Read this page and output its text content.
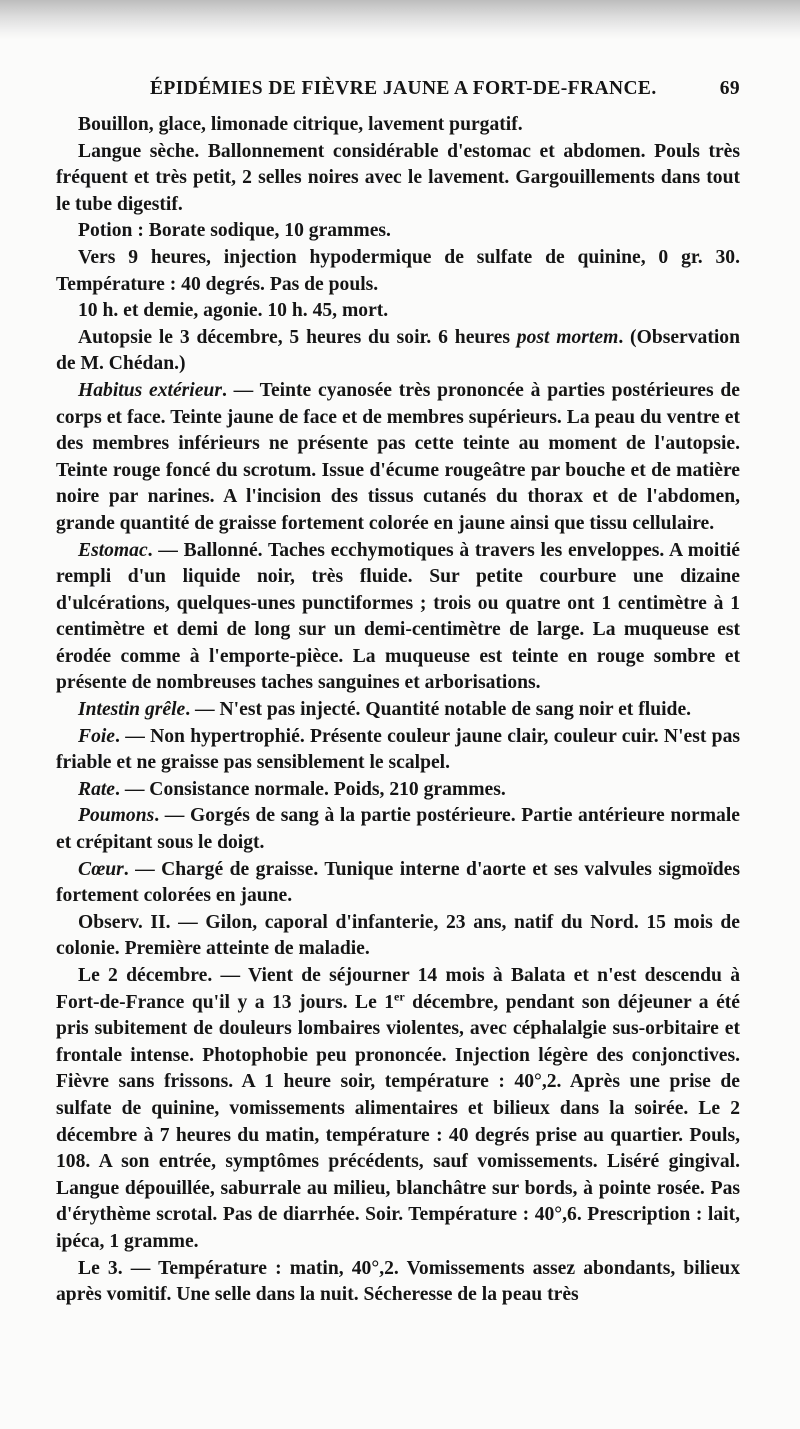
ÉPIDÉMIES DE FIÈVRE JAUNE A FORT-DE-FRANCE.	69

Bouillon, glace, limonade citrique, lavement purgatif.

Langue sèche. Ballonnement considérable d'estomac et abdomen. Pouls très fréquent et très petit, 2 selles noires avec le lavement. Gargouillements dans tout le tube digestif.

Potion : Borate sodique, 10 grammes.

Vers 9 heures, injection hypodermique de sulfate de quinine, 0 gr. 30. Température : 40 degrés. Pas de pouls.

10 h. et demie, agonie. 10 h. 45, mort.

Autopsie le 3 décembre, 5 heures du soir. 6 heures post mortem. (Observation de M. Chédan.)

Habitus extérieur. — Teinte cyanosée très prononcée à parties postérieures de corps et face. Teinte jaune de face et de membres supérieurs. La peau du ventre et des membres inférieurs ne présente pas cette teinte au moment de l'autopsie. Teinte rouge foncé du scrotum. Issue d'écume rougeâtre par bouche et de matière noire par narines. A l'incision des tissus cutanés du thorax et de l'abdomen, grande quantité de graisse fortement colorée en jaune ainsi que tissu cellulaire.

Estomac. — Ballonné. Taches ecchymotiques à travers les enveloppes. A moitié rempli d'un liquide noir, très fluide. Sur petite courbure une dizaine d'ulcérations, quelques-unes punctiformes ; trois ou quatre ont 1 centimètre à 1 centimètre et demi de long sur un demi-centimètre de large. La muqueuse est érodée comme à l'emporte-pièce. La muqueuse est teinte en rouge sombre et présente de nombreuses taches sanguines et arborisations.

Intestin grêle. — N'est pas injecté. Quantité notable de sang noir et fluide.

Foie. — Non hypertrophié. Présente couleur jaune clair, couleur cuir. N'est pas friable et ne graisse pas sensiblement le scalpel.

Rate. — Consistance normale. Poids, 210 grammes.

Poumons. — Gorgés de sang à la partie postérieure. Partie antérieure normale et crépitant sous le doigt.

Cœur. — Chargé de graisse. Tunique interne d'aorte et ses valvules sigmoïdes fortement colorées en jaune.

Observ. II. — Gilon, caporal d'infanterie, 23 ans, natif du Nord. 15 mois de colonie. Première atteinte de maladie.

Le 2 décembre. — Vient de séjourner 14 mois à Balata et n'est descendu à Fort-de-France qu'il y a 13 jours. Le 1er décembre, pendant son déjeuner a été pris subitement de douleurs lombaires violentes, avec céphalalgie sus-orbitaire et frontale intense. Photophobie peu prononcée. Injection légère des conjonctives. Fièvre sans frissons. A 1 heure soir, température : 40°,2. Après une prise de sulfate de quinine, vomissements alimentaires et bilieux dans la soirée. Le 2 décembre à 7 heures du matin, température : 40 degrés prise au quartier. Pouls, 108. A son entrée, symptômes précédents, sauf vomissements. Liséré gingival. Langue dépouillée, saburrale au milieu, blanchâtre sur bords, à pointe rosée. Pas d'érythème scrotal. Pas de diarrhée. Soir. Température : 40°,6. Prescription : lait, ipéca, 1 gramme.

Le 3. — Température : matin, 40°,2. Vomissements assez abondants, bilieux après vomitif. Une selle dans la nuit. Sécheresse de la peau très
